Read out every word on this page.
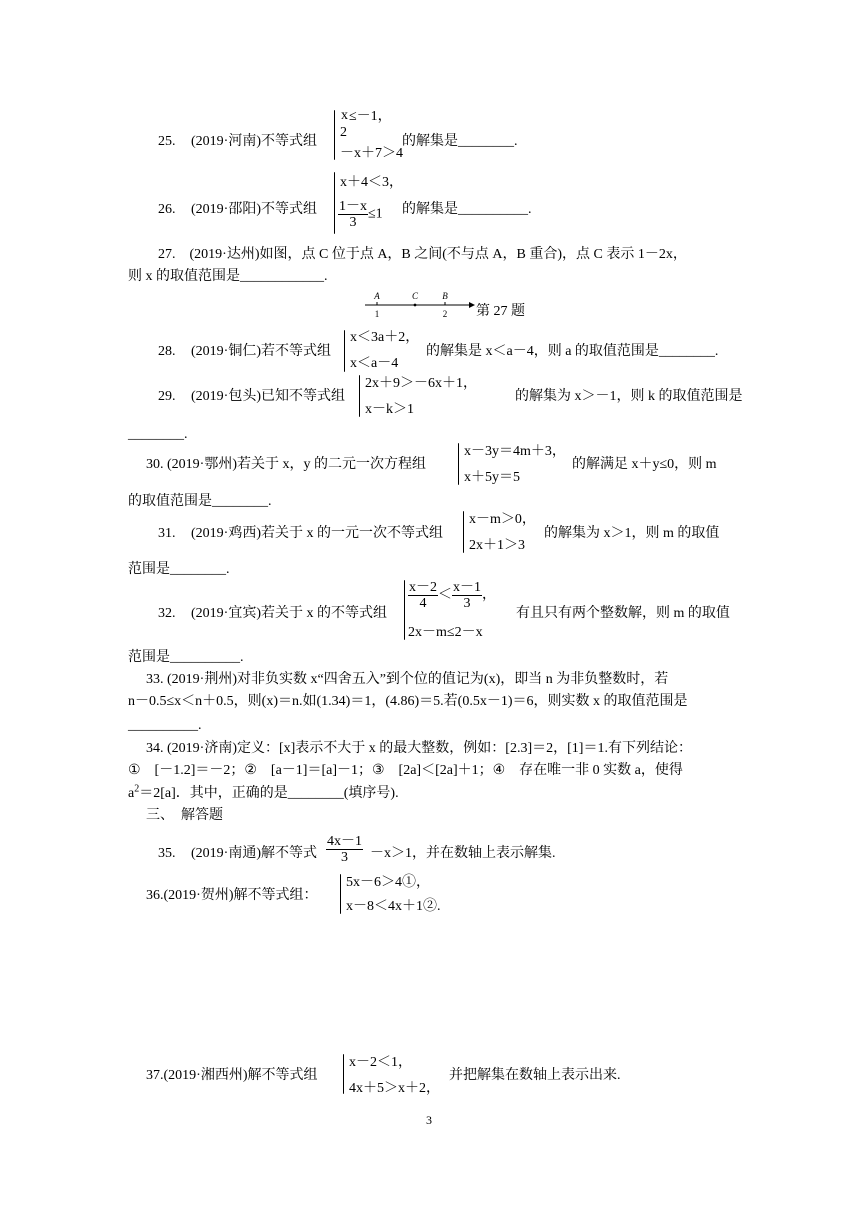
25. (2019·河南)不等式组
x ≤－1，
2
－x＋7＞4
的解集是________.
26. (2019·邵阳)不等式组
x＋4＜3，
$\frac{1-x}{3} \le 1$ 的解集是__________.
27.　(2019·达州)如图，点 C 位于点 A，B 之间(不与点 A，B 重合)，点 C 表示 1－2x，
则 x 的取值范围是____________.
A	C	B
1	2 第 27 题
28. (2019·铜仁)若不等式组
x＜3a＋2，
x＜a－4
的解集是 x＜a－4，则 a 的取值范围是________.
29. (2019·包头)已知不等式组
2x＋9＞－6x＋1，
x－k＞1
的解集为 x＞－1，则 k 的取值范围是
________.
30. (2019·鄂州)若关于 x，y 的二元一次方程组
x－3y＝4m＋3，
x＋5y＝5
的解满足 x＋y≤0，则 m
的取值范围是________.
31. (2019·鸡西)若关于 x 的一元一次不等式组
x－m＞0，
2x＋1＞3
的解集为 x＞1，则 m 的取值
范围是________.
32. (2019·宜宾)若关于 x 的不等式组
$\frac{x-2}{4} < \frac{x-1}{3}$ ，
2x－m≤2－x
有且只有两个整数解，则 m 的取值
范围是__________.
33. (2019·荆州)对非负实数 x“四舍五入”到个位的值记为(x)，即当 n 为非负整数时，若
n－0.5≤x＜n＋0.5，则(x)＝n.如(1.34)＝1，(4.86)＝5.若(0.5x－1)＝6，则实数 x 的取值范围是
__________.
34. (2019·济南)定义：[x]表示不大于 x 的最大整数，例如：[2.3]＝2，[1]＝1.有下列结论：
①　[－1.2]＝－2；②　[a－1]＝[a]－1；③　[2a]＜[2a]＋1；④　存在唯一非 0 实数 a，使得
$a^2=2[a]$．其中，正确的是________(填序号).
三、　解答题
35. (2019·南通)解不等式 $\frac{4x-1}{3} -x>1$，并在数轴上表示解集.
36.(2019·贺州)解不等式组：
5x－6＞4①，
x－8＜4x＋1②.
37.(2019·湘西州)解不等式组
x－2＜1，
4x＋5＞x＋2，
并把解集在数轴上表示出来.
3
